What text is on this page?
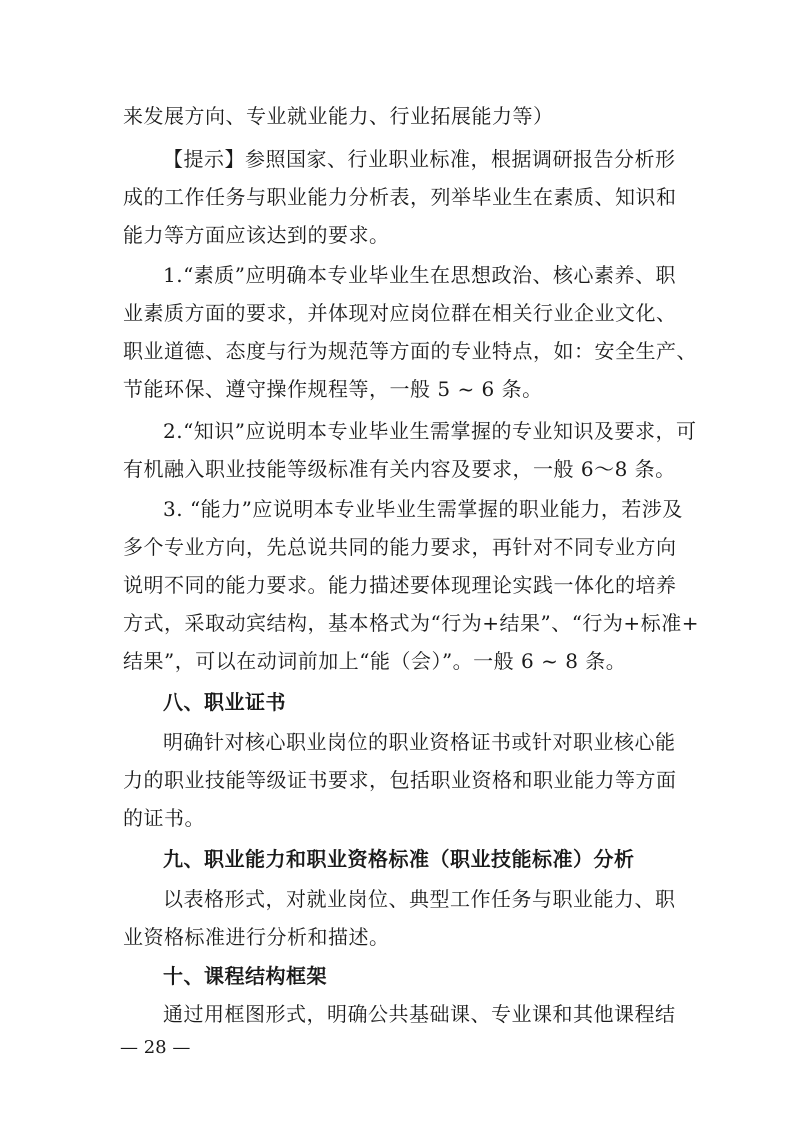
来发展方向、专业就业能力、行业拓展能力等）
【提示】参照国家、行业职业标准，根据调研报告分析形
成的工作任务与职业能力分析表，列举毕业生在素质、知识和
能力等方面应该达到的要求。
1.“素质”应明确本专业毕业生在思想政治、核心素养、职
业素质方面的要求，并体现对应岗位群在相关行业企业文化、
职业道德、态度与行为规范等方面的专业特点，如：安全生产、
节能环保、遵守操作规程等，一般 5 ~ 6 条。
2.“知识”应说明本专业毕业生需掌握的专业知识及要求，可
有机融入职业技能等级标准有关内容及要求，一般 6～8 条。
3. “能力”应说明本专业毕业生需掌握的职业能力，若涉及
多个专业方向，先总说共同的能力要求，再针对不同专业方向
说明不同的能力要求。能力描述要体现理论实践一体化的培养
方式，采取动宾结构，基本格式为“行为+结果”、“行为+标准+
结果”，可以在动词前加上“能（会）”。一般 6 ~ 8 条。
八、职业证书
明确针对核心职业岗位的职业资格证书或针对职业核心能
力的职业技能等级证书要求，包括职业资格和职业能力等方面
的证书。
九、职业能力和职业资格标准（职业技能标准）分析
以表格形式，对就业岗位、典型工作任务与职业能力、职
业资格标准进行分析和描述。
十、课程结构框架
通过用框图形式，明确公共基础课、专业课和其他课程结
— 28 —
